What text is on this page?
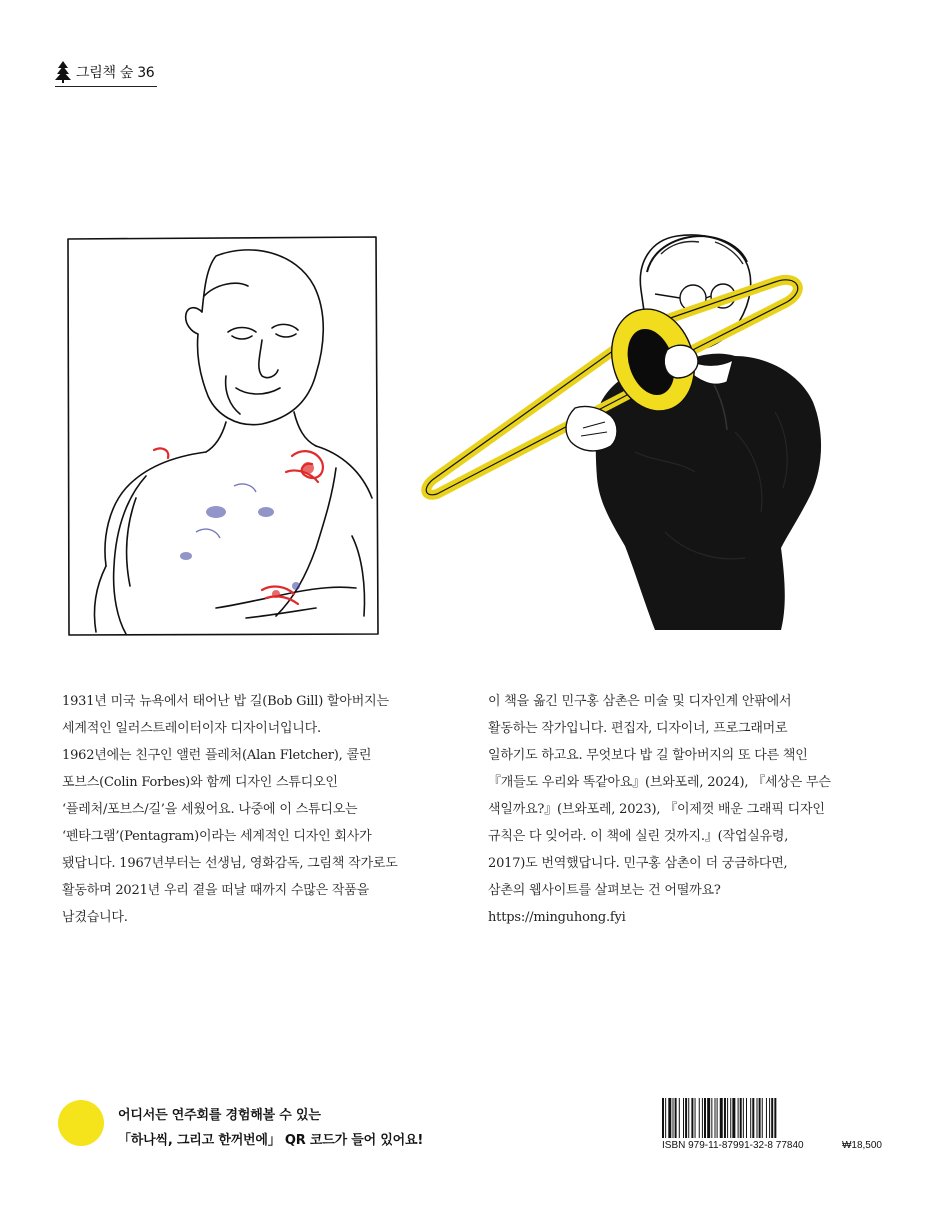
그림책 숲 36

1931년 미국 뉴욕에서 태어난 밥 길(Bob Gill) 할아버지는

세계적인 일러스트레이터이자 디자이너입니다.

1962년에는 친구인 앨런 플레처(Alan Fletcher), 콜린

포브스(Colin Forbes)와 함께 디자인 스튜디오인

‘플레처/포브스/길’을 세웠어요. 나중에 이 스튜디오는

‘펜타그램’(Pentagram)이라는 세계적인 디자인 회사가

됐답니다. 1967년부터는 선생님, 영화감독, 그림책 작가로도

활동하며 2021년 우리 곁을 떠날 때까지 수많은 작품을

남겼습니다.

이 책을 옮긴 민구홍 삼촌은 미술 및 디자인계 안팎에서

활동하는 작가입니다. 편집자, 디자이너, 프로그래머로

일하기도 하고요. 무엇보다 밥 길 할아버지의 또 다른 책인

『개들도 우리와 똑같아요』(브와포레, 2024), 『세상은 무슨

색일까요?』(브와포레, 2023), 『이제껏 배운 그래픽 디자인

규칙은 다 잊어라. 이 책에 실린 것까지.』(작업실유령,

2017)도 번역했답니다. 민구홍 삼촌이 더 궁금하다면,

삼촌의 웹사이트를 살펴보는 건 어떨까요?

https://minguhong.fyi

어디서든 연주회를 경험해볼 수 있는
「하나씩, 그리고 한꺼번에」 QR 코드가 들어 있어요!	ISBN 979-11-87991-32-8 77840	₩18,500
